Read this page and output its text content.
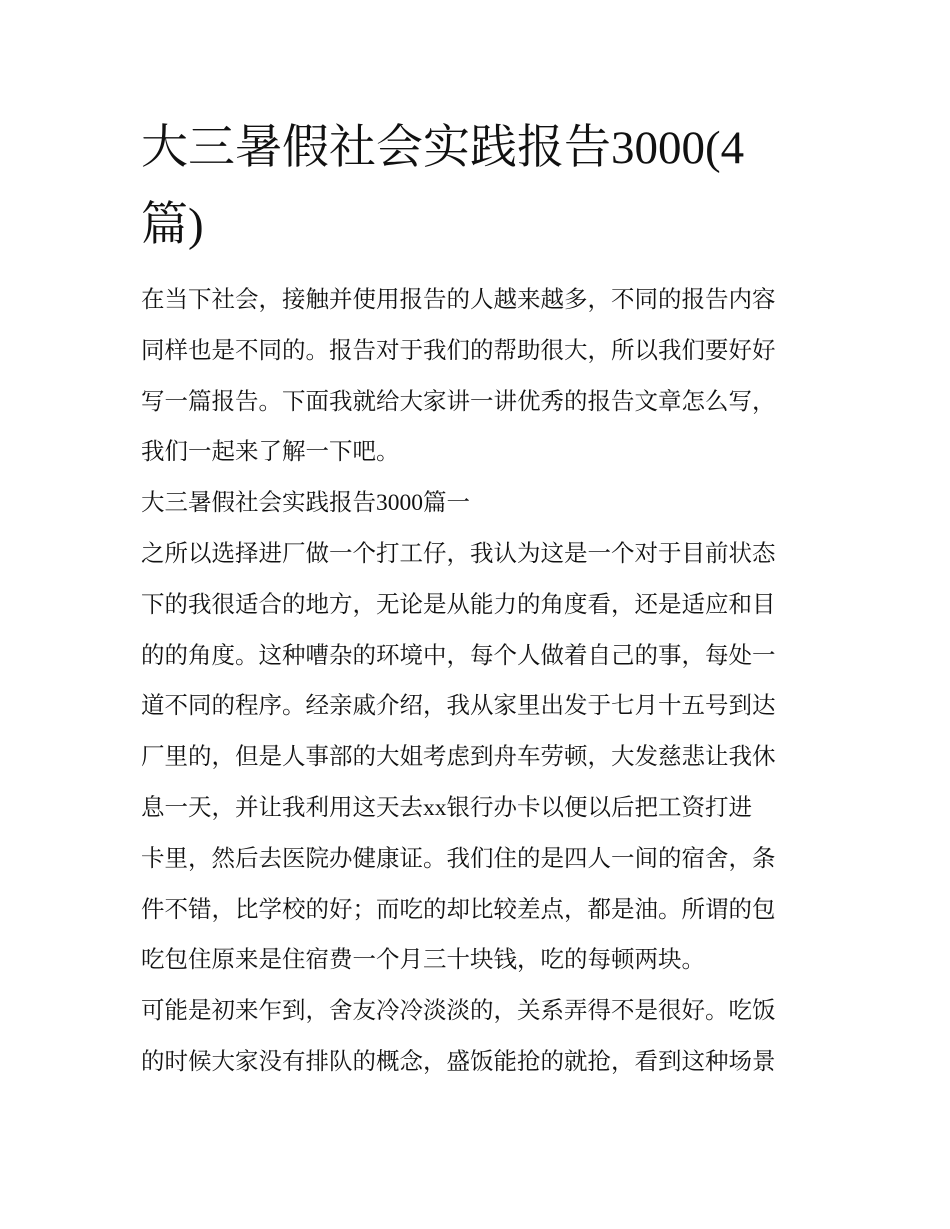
大三暑假社会实践报告3000(4
篇)
在当下社会，接触并使用报告的人越来越多，不同的报告内容
同样也是不同的。报告对于我们的帮助很大，所以我们要好好
写一篇报告。下面我就给大家讲一讲优秀的报告文章怎么写，
我们一起来了解一下吧。
大三暑假社会实践报告3000篇一
之所以选择进厂做一个打工仔，我认为这是一个对于目前状态
下的我很适合的地方，无论是从能力的角度看，还是适应和目
的的角度。这种嘈杂的环境中，每个人做着自己的事，每处一
道不同的程序。经亲戚介绍，我从家里出发于七月十五号到达
厂里的，但是人事部的大姐考虑到舟车劳顿，大发慈悲让我休
息一天，并让我利用这天去xx银行办卡以便以后把工资打进
卡里，然后去医院办健康证。我们住的是四人一间的宿舍，条
件不错，比学校的好；而吃的却比较差点，都是油。所谓的包
吃包住原来是住宿费一个月三十块钱，吃的每顿两块。
可能是初来乍到，舍友冷冷淡淡的，关系弄得不是很好。吃饭
的时候大家没有排队的概念，盛饭能抢的就抢，看到这种场景
